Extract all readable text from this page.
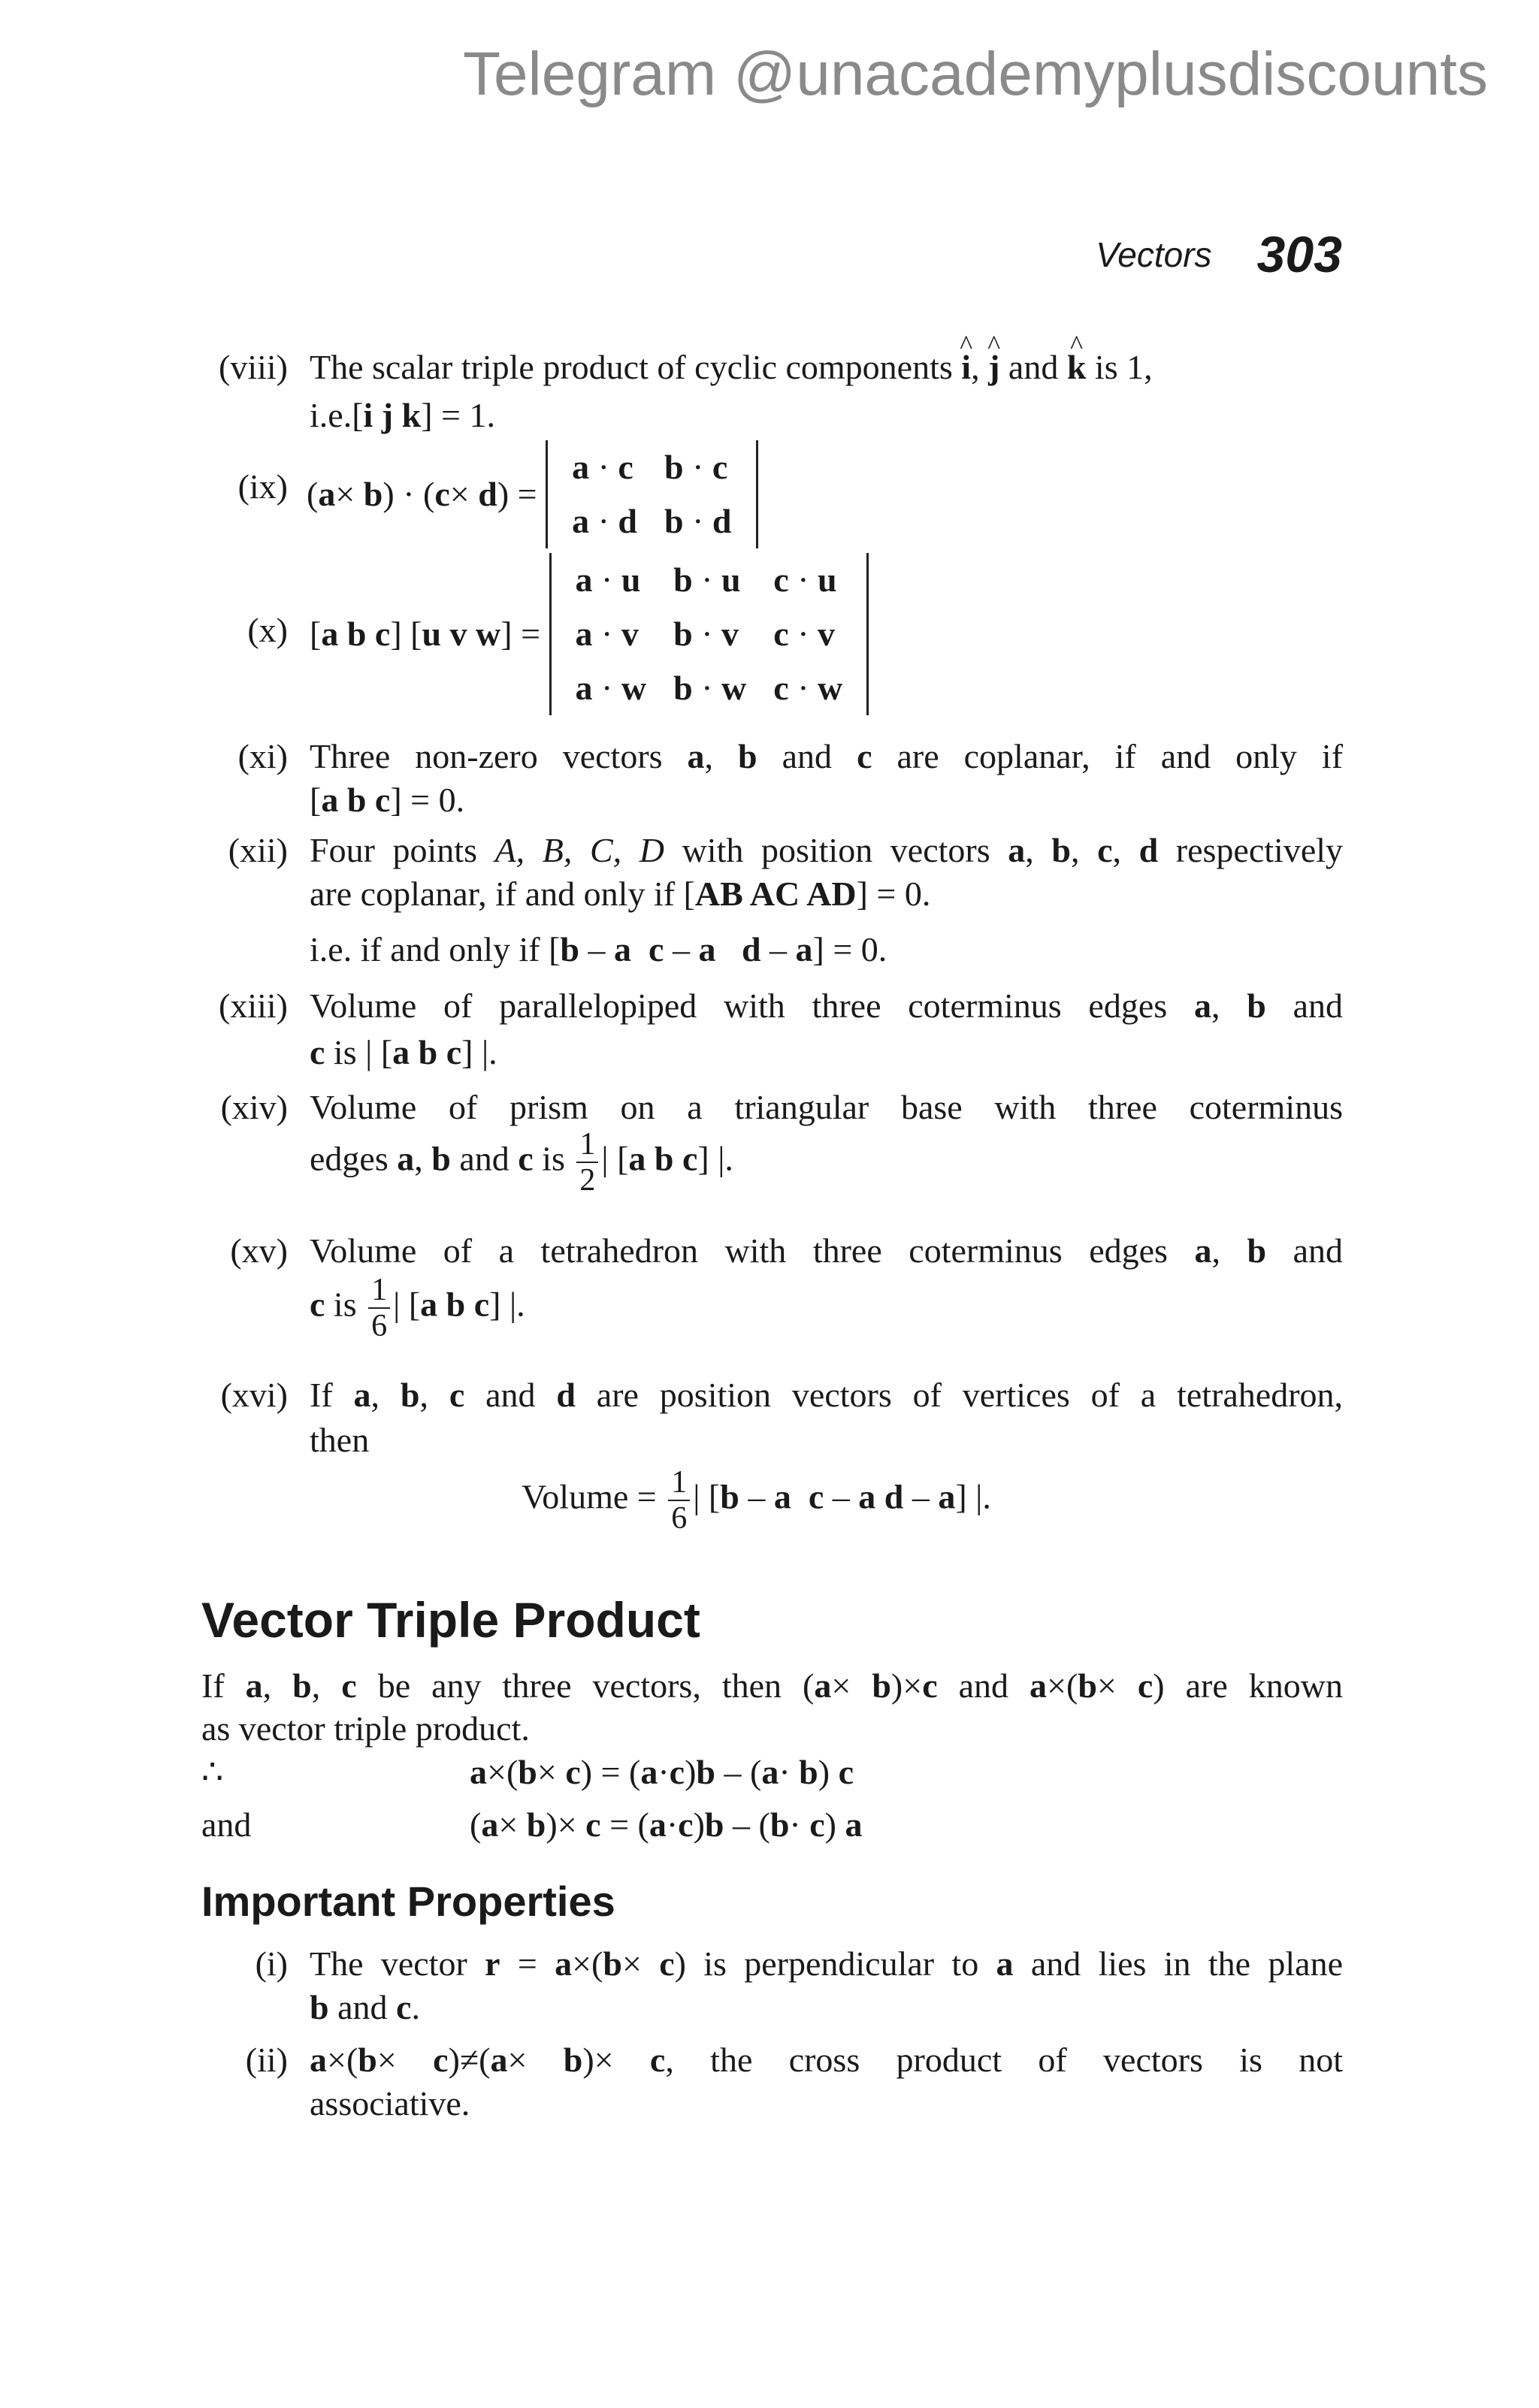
Telegram @unacademyplusdiscounts
Vectors 303
(viii) The scalar triple product of cyclic components ^ i, ^ j and ^ k is 1,
i.e.[i j k] = 1.
(ix) (a× b) · (c× d) =
a · c	b · c
a · d	b · d
(x) [a b c] [u v w] =
a · u	b · u	c · u
a · v	b · v	c · v
a · w	b · w	c · w
(xi) Three non-zero vectors a, b and c are coplanar, if and only if
[a b c] = 0.
(xii) Four points A, B, C, D with position vectors a, b, c, d respectively
are coplanar, if and only if [AB AC AD] = 0.
i.e. if and only if [b – a c – a d – a] = 0.
(xiii) Volume of parallelopiped with three coterminus edges a, b and
c is | [a b c] |.
(xiv) Volume of prism on a triangular base with three coterminus
edges a, b and c is $\frac{1}{2}$ | [a b c] |.
(xv) Volume of a tetrahedron with three coterminus edges a, b and
c is $\frac{1}{6}$ | [a b c] |.
(xvi) If a, b, c and d are position vectors of vertices of a tetrahedron,
then
Volume = $\frac{1}{6}$ | [b – a c – a d – a] |.
Vector Triple Product
If a, b, c be any three vectors, then (a× b)×c and a×(b× c) are known
as vector triple product.
∴	a×(b× c) = (a·c)b – (a· b) c
and	(a× b)× c = (a·c)b – (b· c) a
Important Properties
(i) The vector r = a×(b× c) is perpendicular to a and lies in the plane
b and c.
(ii) a×(b× c)≠(a× b)× c, the cross product of vectors is not
associative.
